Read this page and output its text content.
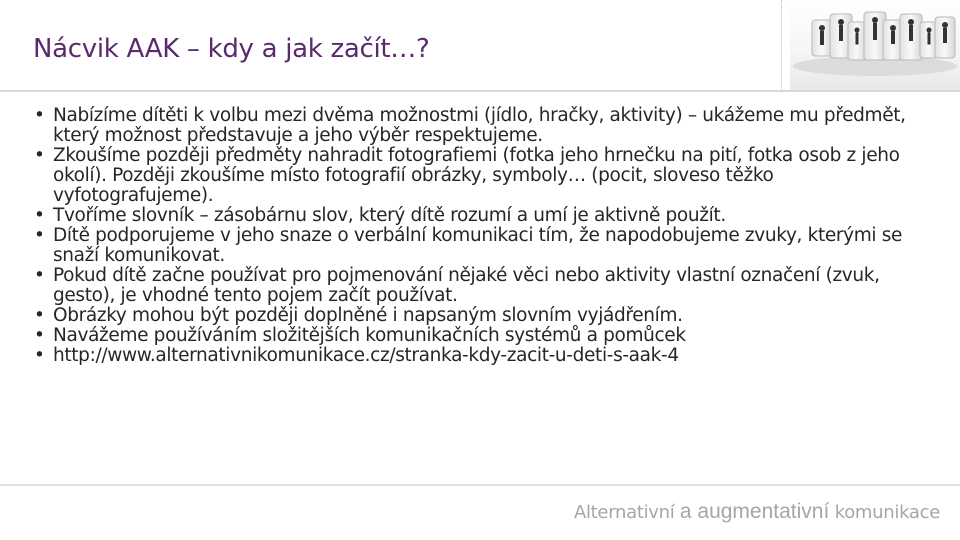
Nácvik AAK – kdy a jak začít…?
• Nabízíme dítěti k volbu mezi dvěma možnostmi (jídlo, hračky, aktivity) – ukážeme mu předmět, který možnost představuje a jeho výběr respektujeme.
• Zkoušíme později předměty nahradit fotografiemi (fotka jeho hrnečku na pití, fotka osob z jeho okolí). Později zkoušíme místo fotografií obrázky, symboly… (pocit, sloveso těžko vyfotografujeme).
• Tvoříme slovník – zásobárnu slov, který dítě rozumí a umí je aktivně použít.
• Dítě podporujeme v jeho snaze o verbální komunikaci tím, že napodobujeme zvuky, kterými se snaží komunikovat.
• Pokud dítě začne používat pro pojmenování nějaké věci nebo aktivity vlastní označení (zvuk, gesto), je vhodné tento pojem začít používat.
• Obrázky mohou být později doplněné i napsaným slovním vyjádřením.
• Navážeme používáním složitějších komunikačních systémů a pomůcek
• http://www.alternativnikomunikace.cz/stranka-kdy-zacit-u-deti-s-aak-4
Alternativní a augmentativní komunikace
